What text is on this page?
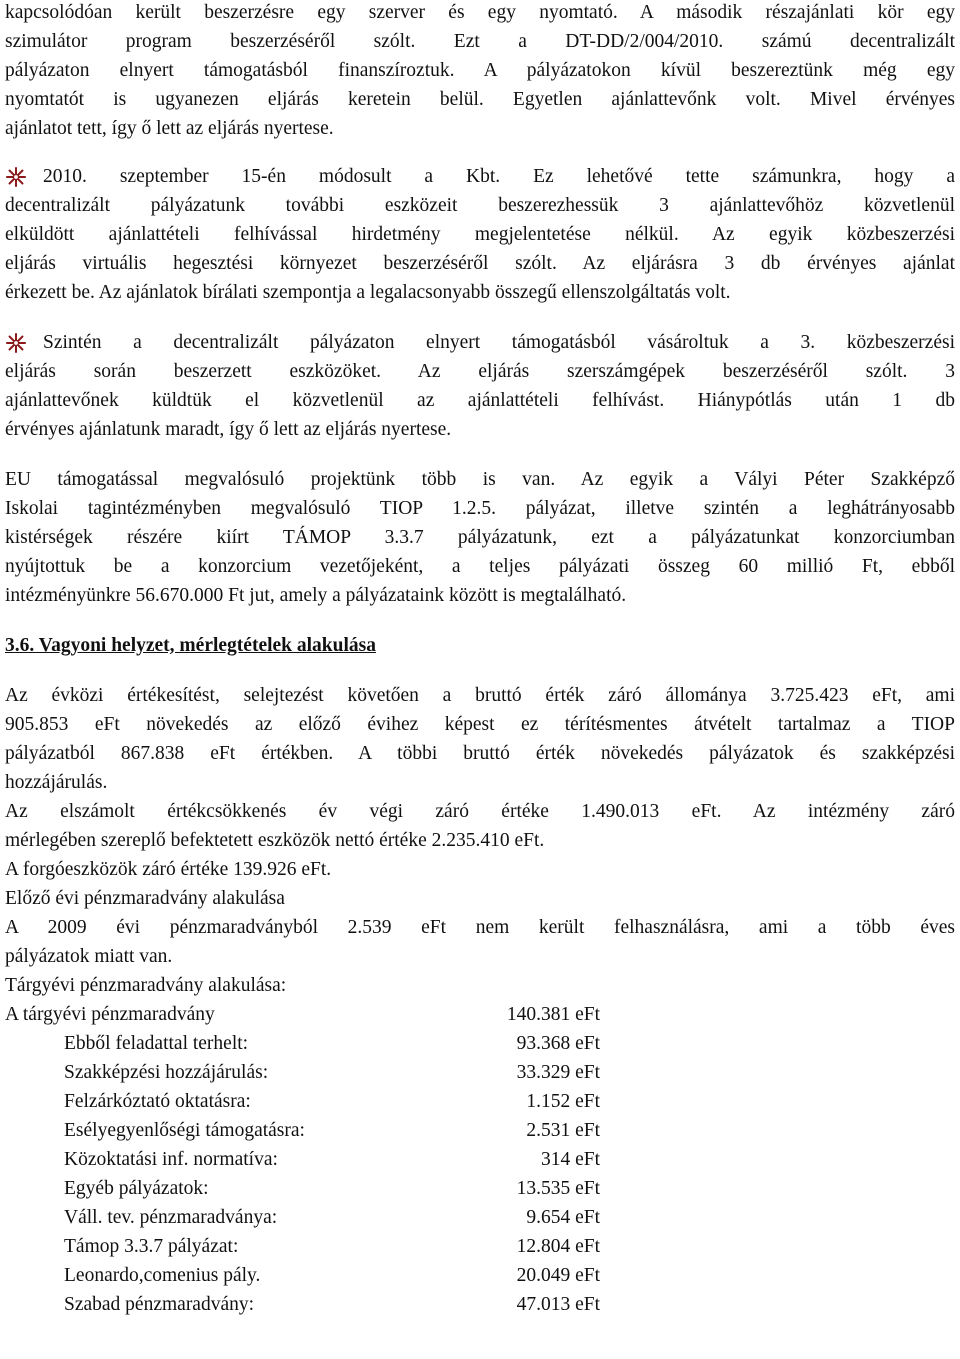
kapcsolódóan került beszerzésre egy szerver és egy nyomtató. A második részajánlati kör egy
szimulátor program beszerzéséről szólt. Ezt a DT-DD/2/004/2010. számú decentralizált
pályázaton elnyert támogatásból finanszíroztuk. A pályázatokon kívül beszereztünk még egy
nyomtatót is ugyanezen eljárás keretein belül. Egyetlen ajánlattevőnk volt. Mivel érvényes
ajánlatot tett, így ő lett az eljárás nyertese.
2010. szeptember 15-én módosult a Kbt. Ez lehetővé tette számunkra, hogy a
decentralizált pályázatunk további eszközeit beszerezhessük 3 ajánlattevőhöz közvetlenül
elküldött ajánlattételi felhívással hirdetmény megjelentetése nélkül. Az egyik közbeszerzési
eljárás virtuális hegesztési környezet beszerzéséről szólt. Az eljárásra 3 db érvényes ajánlat
érkezett be. Az ajánlatok bírálati szempontja a legalacsonyabb összegű ellenszolgáltatás volt.
Szintén a decentralizált pályázaton elnyert támogatásból vásároltuk a 3. közbeszerzési
eljárás során beszerzett eszközöket. Az eljárás szerszámgépek beszerzéséről szólt. 3
ajánlattevőnek küldtük el közvetlenül az ajánlattételi felhívást. Hiánypótlás után 1 db
érvényes ajánlatunk maradt, így ő lett az eljárás nyertese.
EU támogatással megvalósuló projektünk több is van. Az egyik a Vályi Péter Szakképző
Iskolai tagintézményben megvalósuló TIOP 1.2.5. pályázat, illetve szintén a leghátrányosabb
kistérségek részére kiírt TÁMOP 3.3.7 pályázatunk, ezt a pályázatunkat konzorciumban
nyújtottuk be a konzorcium vezetőjeként, a teljes pályázati összeg 60 millió Ft, ebből
intézményünkre 56.670.000 Ft jut, amely a pályázataink között is megtalálható.

3.6. Vagyoni helyzet, mérlegtételek alakulása

Az évközi értékesítést, selejtezést követően a bruttó érték záró állománya 3.725.423 eFt, ami
905.853 eFt növekedés az előző évihez képest ez térítésmentes átvételt tartalmaz a TIOP
pályázatból 867.838 eFt értékben. A többi bruttó érték növekedés pályázatok és szakképzési
hozzájárulás.
Az elszámolt értékcsökkenés év végi záró értéke 1.490.013 eFt. Az intézmény záró
mérlegében szereplő befektetett eszközök nettó értéke 2.235.410 eFt.
A forgóeszközök záró értéke 139.926 eFt.
Előző évi pénzmaradvány alakulása
A 2009 évi pénzmaradványból 2.539 eFt nem került felhasználásra, ami a több éves
pályázatok miatt van.
Tárgyévi pénzmaradvány alakulása:
A tárgyévi pénzmaradvány	140.381 eFt
Ebből feladattal terhelt:	93.368 eFt
Szakképzési hozzájárulás:	33.329 eFt
Felzárkóztató oktatásra:	1.152 eFt
Esélyegyenlőségi támogatásra:	2.531 eFt
Közoktatási inf. normatíva:	314 eFt
Egyéb pályázatok:	13.535 eFt
Váll. tev. pénzmaradványa:	9.654 eFt
Támop 3.3.7 pályázat:	12.804 eFt
Leonardo,comenius pály.	20.049 eFt
Szabad pénzmaradvány:	47.013 eFt
